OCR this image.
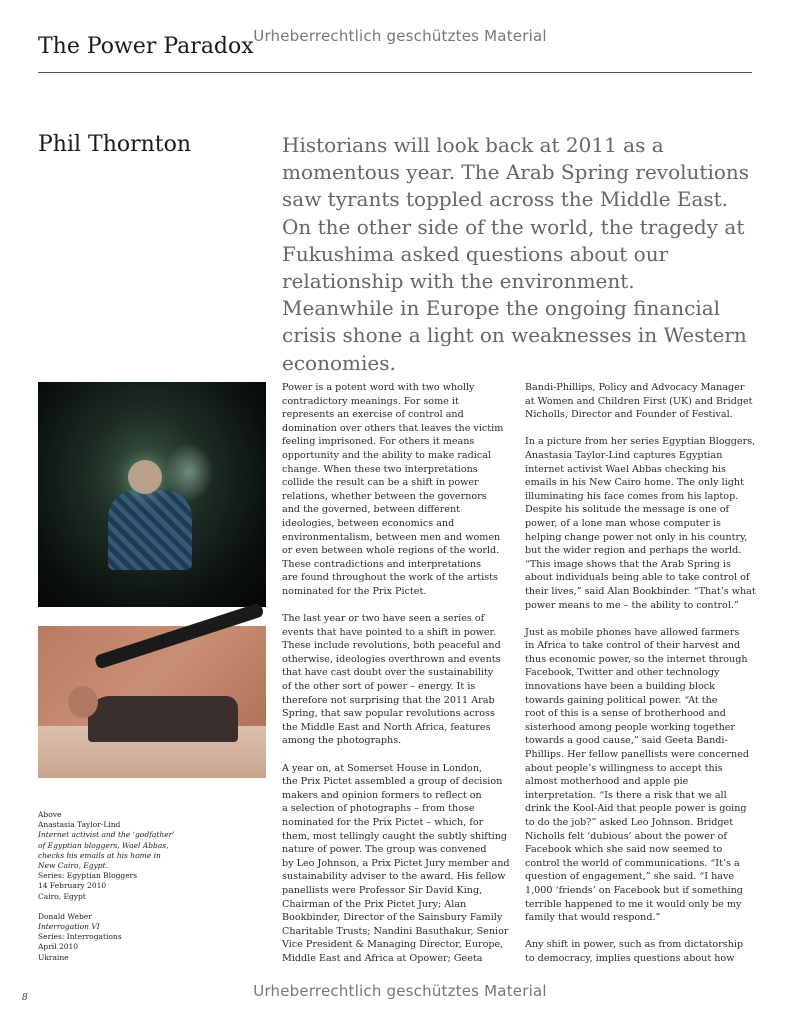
Urheberrechtlich geschütztes Material
The Power Paradox
Phil Thornton	Historians will look back at 2011 as a momentous year. The Arab Spring revolutions saw tyrants toppled across the Middle East. On the other side of the world, the tragedy at Fukushima asked questions about our relationship with the environment. Meanwhile in Europe the ongoing financial crisis shone a light on weaknesses in Western economies.

Above
Anastasia Taylor-Lind
Internet activist and the ‘godfather’
of Egyptian bloggers, Wael Abbas,
checks his emails at his home in
New Cairo, Egypt.
Series: Egyptian Bloggers
14 February 2010
Cairo, Egypt
Donald Weber
Interrogation VI
Series: Interrogations
April 2010
Ukraine

Power is a potent word with two wholly
contradictory meanings. For some it
represents an exercise of control and
domination over others that leaves the victim
feeling imprisoned. For others it means
opportunity and the ability to make radical
change. When these two interpretations
collide the result can be a shift in power
relations, whether between the governors
and the governed, between different
ideologies, between economics and
environmentalism, between men and women
or even between whole regions of the world.
These contradictions and interpretations
are found throughout the work of the artists
nominated for the Prix Pictet.

The last year or two have seen a series of
events that have pointed to a shift in power.
These include revolutions, both peaceful and
otherwise, ideologies overthrown and events
that have cast doubt over the sustainability
of the other sort of power – energy. It is
therefore not surprising that the 2011 Arab
Spring, that saw popular revolutions across
the Middle East and North Africa, features
among the photographs.

A year on, at Somerset House in London,
the Prix Pictet assembled a group of decision
makers and opinion formers to reflect on
a selection of photographs – from those
nominated for the Prix Pictet – which, for
them, most tellingly caught the subtly shifting
nature of power. The group was convened
by Leo Johnson, a Prix Pictet Jury member and
sustainability adviser to the award. His fellow
panellists were Professor Sir David King,
Chairman of the Prix Pictet Jury; Alan
Bookbinder, Director of the Sainsbury Family
Charitable Trusts; Nandini Basuthakur, Senior
Vice President & Managing Director, Europe,
Middle East and Africa at Opower; Geeta

Bandi-Phillips, Policy and Advocacy Manager
at Women and Children First (UK) and Bridget
Nicholls, Director and Founder of Festival.

In a picture from her series Egyptian Bloggers,
Anastasia Taylor-Lind captures Egyptian
internet activist Wael Abbas checking his
emails in his New Cairo home. The only light
illuminating his face comes from his laptop.
Despite his solitude the message is one of
power, of a lone man whose computer is
helping change power not only in his country,
but the wider region and perhaps the world.
“This image shows that the Arab Spring is
about individuals being able to take control of
their lives,” said Alan Bookbinder. “That’s what
power means to me – the ability to control.”

Just as mobile phones have allowed farmers
in Africa to take control of their harvest and
thus economic power, so the internet through
Facebook, Twitter and other technology
innovations have been a building block
towards gaining political power. “At the
root of this is a sense of brotherhood and
sisterhood among people working together
towards a good cause,” said Geeta Bandi-
Phillips. Her fellow panellists were concerned
about people’s willingness to accept this
almost motherhood and apple pie
interpretation. “Is there a risk that we all
drink the Kool-Aid that people power is going
to do the job?” asked Leo Johnson. Bridget
Nicholls felt ‘dubious’ about the power of
Facebook which she said now seemed to
control the world of communications. “It’s a
question of engagement,” she said. “I have
1,000 ‘friends’ on Facebook but if something
terrible happened to me it would only be my
family that would respond.”

Any shift in power, such as from dictatorship
to democracy, implies questions about how

Urheberrechtlich geschütztes Material
8
